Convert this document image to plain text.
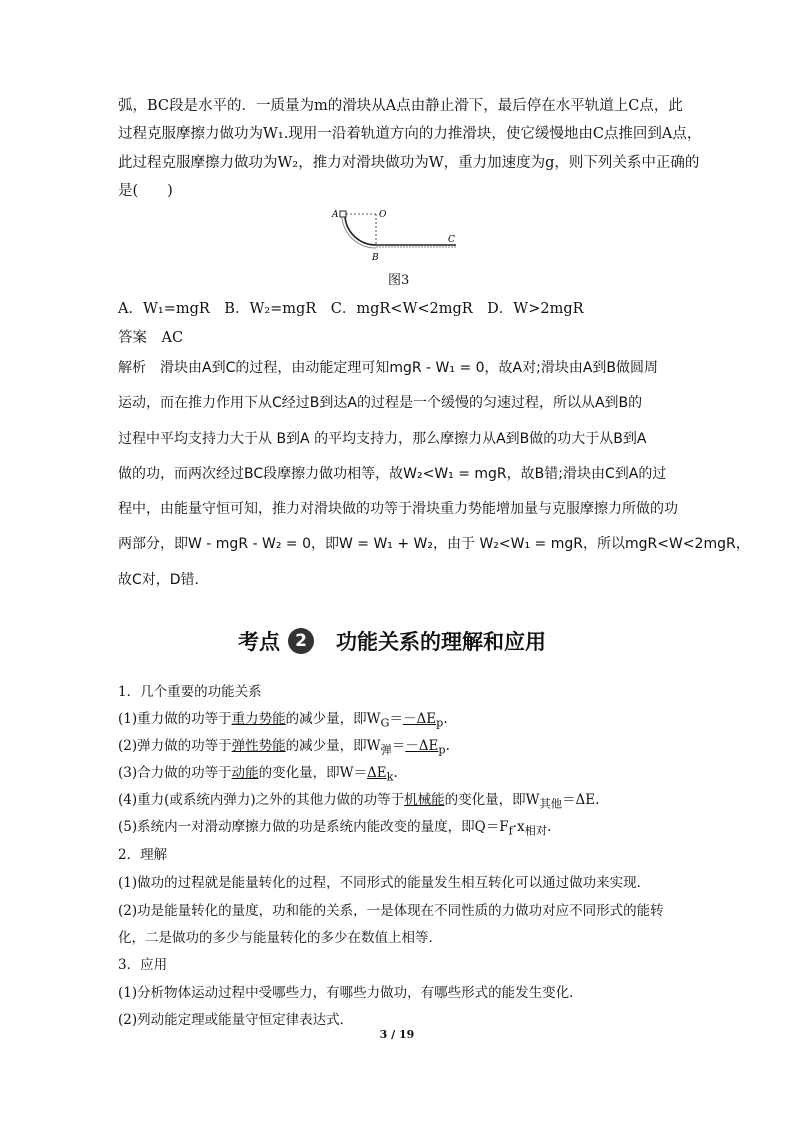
弧，BC段是水平的．一质量为m的滑块从A点由静止滑下，最后停在水平轨道上C点，此
过程克服摩擦力做功为W₁.现用一沿着轨道方向的力推滑块，使它缓慢地由C点推回到A点，
此过程克服摩擦力做功为W₂，推力对滑块做功为W，重力加速度为g，则下列关系中正确的
是(　　)
A	O
B
C
图3
A．W₁=mgR　B．W₂=mgR　C．mgR<W<2mgR　D．W>2mgR
答案　AC
解析　滑块由A到C的过程，由动能定理可知mgR - W₁ = 0，故A对;滑块由A到B做圆周
运动，而在推力作用下从C经过B到达A的过程是一个缓慢的匀速过程，所以从A到B的
过程中平均支持力大于从 B到A 的平均支持力，那么摩擦力从A到B做的功大于从B到A
做的功，而两次经过BC段摩擦力做功相等，故W₂<W₁ = mgR，故B错;滑块由C到A的过
程中，由能量守恒可知，推力对滑块做的功等于滑块重力势能增加量与克服摩擦力所做的功
两部分，即W - mgR - W₂ = 0，即W = W₁ + W₂，由于 W₂<W₁ = mgR，所以mgR<W<2mgR，
故C对，D错．
考点 2	功能关系的理解和应用
1．几个重要的功能关系
(1)重力做的功等于重力势能的减少量，即$W_G=-\Delta E_p$.
(2)弹力做的功等于弹性势能的减少量，即$W_弹=-\Delta E_p$.
(3)合力做的功等于动能的变化量，即$W=\Delta E_k$.
(4)重力(或系统内弹力)之外的其他力做的功等于机械能的变化量，即$W_{其他}=\Delta E$.
(5)系统内一对滑动摩擦力做的功是系统内能改变的量度，即$Q=F_f\cdot x_{相对}$.
2．理解
(1)做功的过程就是能量转化的过程，不同形式的能量发生相互转化可以通过做功来实现．
(2)功是能量转化的量度，功和能的关系，一是体现在不同性质的力做功对应不同形式的能转
化，二是做功的多少与能量转化的多少在数值上相等．
3．应用
(1)分析物体运动过程中受哪些力，有哪些力做功，有哪些形式的能发生变化．
(2)列动能定理或能量守恒定律表达式．
3 / 19
